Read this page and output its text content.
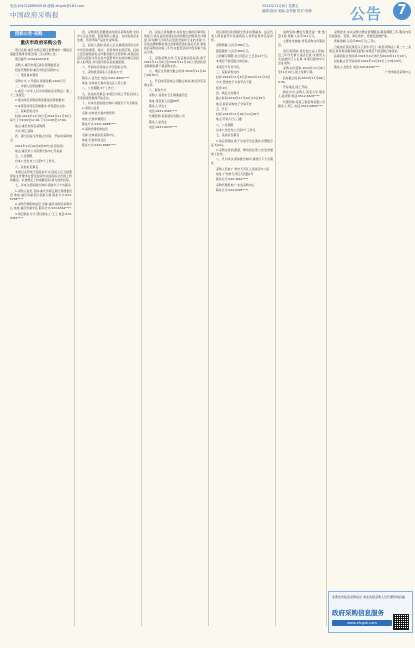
电话:(0431)88600918 邮箱:zfcgzk@163.com
中国政府采购报
2024年11月8日 星期五
编辑:段雨 美编:金秀楠 校对:李静	公告	7
招标公告·采购
重庆市政府采购公告

项目名称:重庆市两江新区智慧城市一期信息基础设施建设项目(第二次)采购公告。

项目编号:CQS24C00418

采购人:重庆市两江新区管理委员会

招标代理机构:重庆市政府采购中心

一、项目基本情况

采购方式:公开招标 预算金额:1200万元

二、申请人的资格要求

1.满足《中华人民共和国政府采购法》第二十二条规定;

2.落实政府采购政策需满足的资格要求;

3.本项目的特定资格要求:详见招标文件。

三、获取招标文件

时间:2024年11月8日至2024年11月15日,每天上午9:00至12:00,下午14:00至17:00。

地点:重庆市政府采购网

方式:网上获取

四、提交投标文件截止时间、开标时间和地点

2024年11月29日9时30分(北京时间)

地点:重庆市公共资源交易中心开标室

五、公告期限

自本公告发布之日起5个工作日。

六、其他补充事宜

本项目采用电子招投标方式,投标人应当按照招标文件要求在规定时间内完成投标文件的上传和解密。未按规定上传或解密的,视为放弃投标。

七、对本次招标提出询问,请按以下方式联系

1.采购人信息 名称:重庆市两江新区管理委员会 地址:重庆市渝北区金渝大道 联系方式:023-6758****

2.采购代理机构信息 名称:重庆市政府采购中心 地址:重庆市渝中区 联系方式:023-6362****

3.项目联系方式 项目联系人:王工 电话:023-6362****

四、采购项目需要落实的政府采购政策:支持中小企业发展、促进残疾人就业、支持监狱企业发展、节能环保产品优先采购等。

五、投标人须知:投标人应认真阅读招标文件中所有的事项、格式、条款和技术规范等。投标人没有按照招标文件要求提交全部资料,或者投标没有对招标文件在各方面都作出实质性响应是投标人的风险,并可能导致其投标被拒绝。

六、开标时间及地点:详见招标文件。

七、采购项目联系人及联系方式

联系人:张先生 电话:0431-8860****

地址:吉林省长春市南关区人民大街

八、公告期限:5个工作日

九、其他补充事宜:本项目为线上开标,投标人无需到现场参加开标会议。

十、对本次招标提出询问,请按以下方式联系

1.采购人信息

名称:吉林省长春市教育局

地址:长春市朝阳区

联系方式:0431-8888****

2.采购代理机构信息

名称:吉林省政府采购中心

地址:长春市南关区

联系方式:0431-8860****

四、投标人资格要求:具有独立承担民事责任的能力;具有良好的商业信誉和健全的财务会计制度;具有履行合同所必需的设备和专业技术能力;有依法缴纳税收和社会保障资金的良好记录;参加政府采购活动前三年内,在经营活动中没有重大违法记录。

五、获取采购文件:凡有意参加投标者,请于2024年11月8日至2024年11月14日,登录政府采购网免费下载采购文件。

六、响应文件提交截止时间:2024年11月20日9时30分。

七、开启时间及地点:同截止时间,地点详见采购文件。

八、联系方式

采购人:某某市卫生健康委员会

地址:某某市人民路88号

联系人:李女士

电话:0431-8562****

代理机构:某某招标有限公司

联系人:赵先生

电话:0431-8970****

供应商报名时须提交营业执照副本、法定代表人授权委托书及被授权人身份证原件及复印件。

采购预算:人民币486万元。

最高限价:人民币480万元。

合同履行期限:自合同签订之日起12个月。

本项目不接受联合体投标。

本项目不允许分包。

三、获取采购文件

时间:2024年11月8日至2024年11月15日

方式:登录电子交易平台下载

售价:0元

四、响应文件提交

截止时间:2024年11月26日14点30分

地点:政府采购电子交易平台

五、开启

时间:2024年11月26日14点30分

地点:开标大厅(三楼)

六、公告期限

自本公告发布之日起5个工作日。

七、其他补充事宜

1.供应商须在电子交易平台注册并办理数字证书(CA)。

2.采购文件的澄清、修改将在原公告发布媒体上发布。

八、凡对本次采购提出询问,请按以下方式联系

采购人名称:广州市天河区人民政府办公室

地址:广州市天河区天府路1号

联系方式:020-3862****

采购代理机构:广东省采购中心

联系方式:020-8395****

货物名称:精密仪器设备一批 数量:1批 预算:人民币312万元。

主要技术参数:详见采购文件第四章。

供应商资格:具有独立法人资格;近三年内无重大违法记录;未被列入失信被执行人名单;本项目面向中小企业采购。

采购文件获取:2024年11月8日至11月15日,网上免费下载。

投标截止时间:2024年11月28日9:30。

开标地点:线上开标。

联系方式:采购人:某某大学 联系人:孙老师 电话:0512-6528****

代理机构:某某工程咨询有限公司 联系人:周工 电话:0512-6856****

采购需求:本次采购为物业管理服务,服务期限三年,服务内容包括保洁、安保、绿化养护、设施设备维护等。

预算金额:人民币960万元(三年)。

合格供应商应满足以下条件:符合《政府采购法》第二十二条规定;具有物业服务相关经验;本项目不接受联合体投标。

获取招标文件时间:2024年11月8日至2024年11月14日。

投标截止及开标时间:2024年11月29日上午9时30分。

联系人:刘先生 电话:020-8328****

广州市政府采购中心

免费发布政府采购信息 欢迎各级采购人及代理机构投稿
政府采购信息服务
www.zfcgzk.com
